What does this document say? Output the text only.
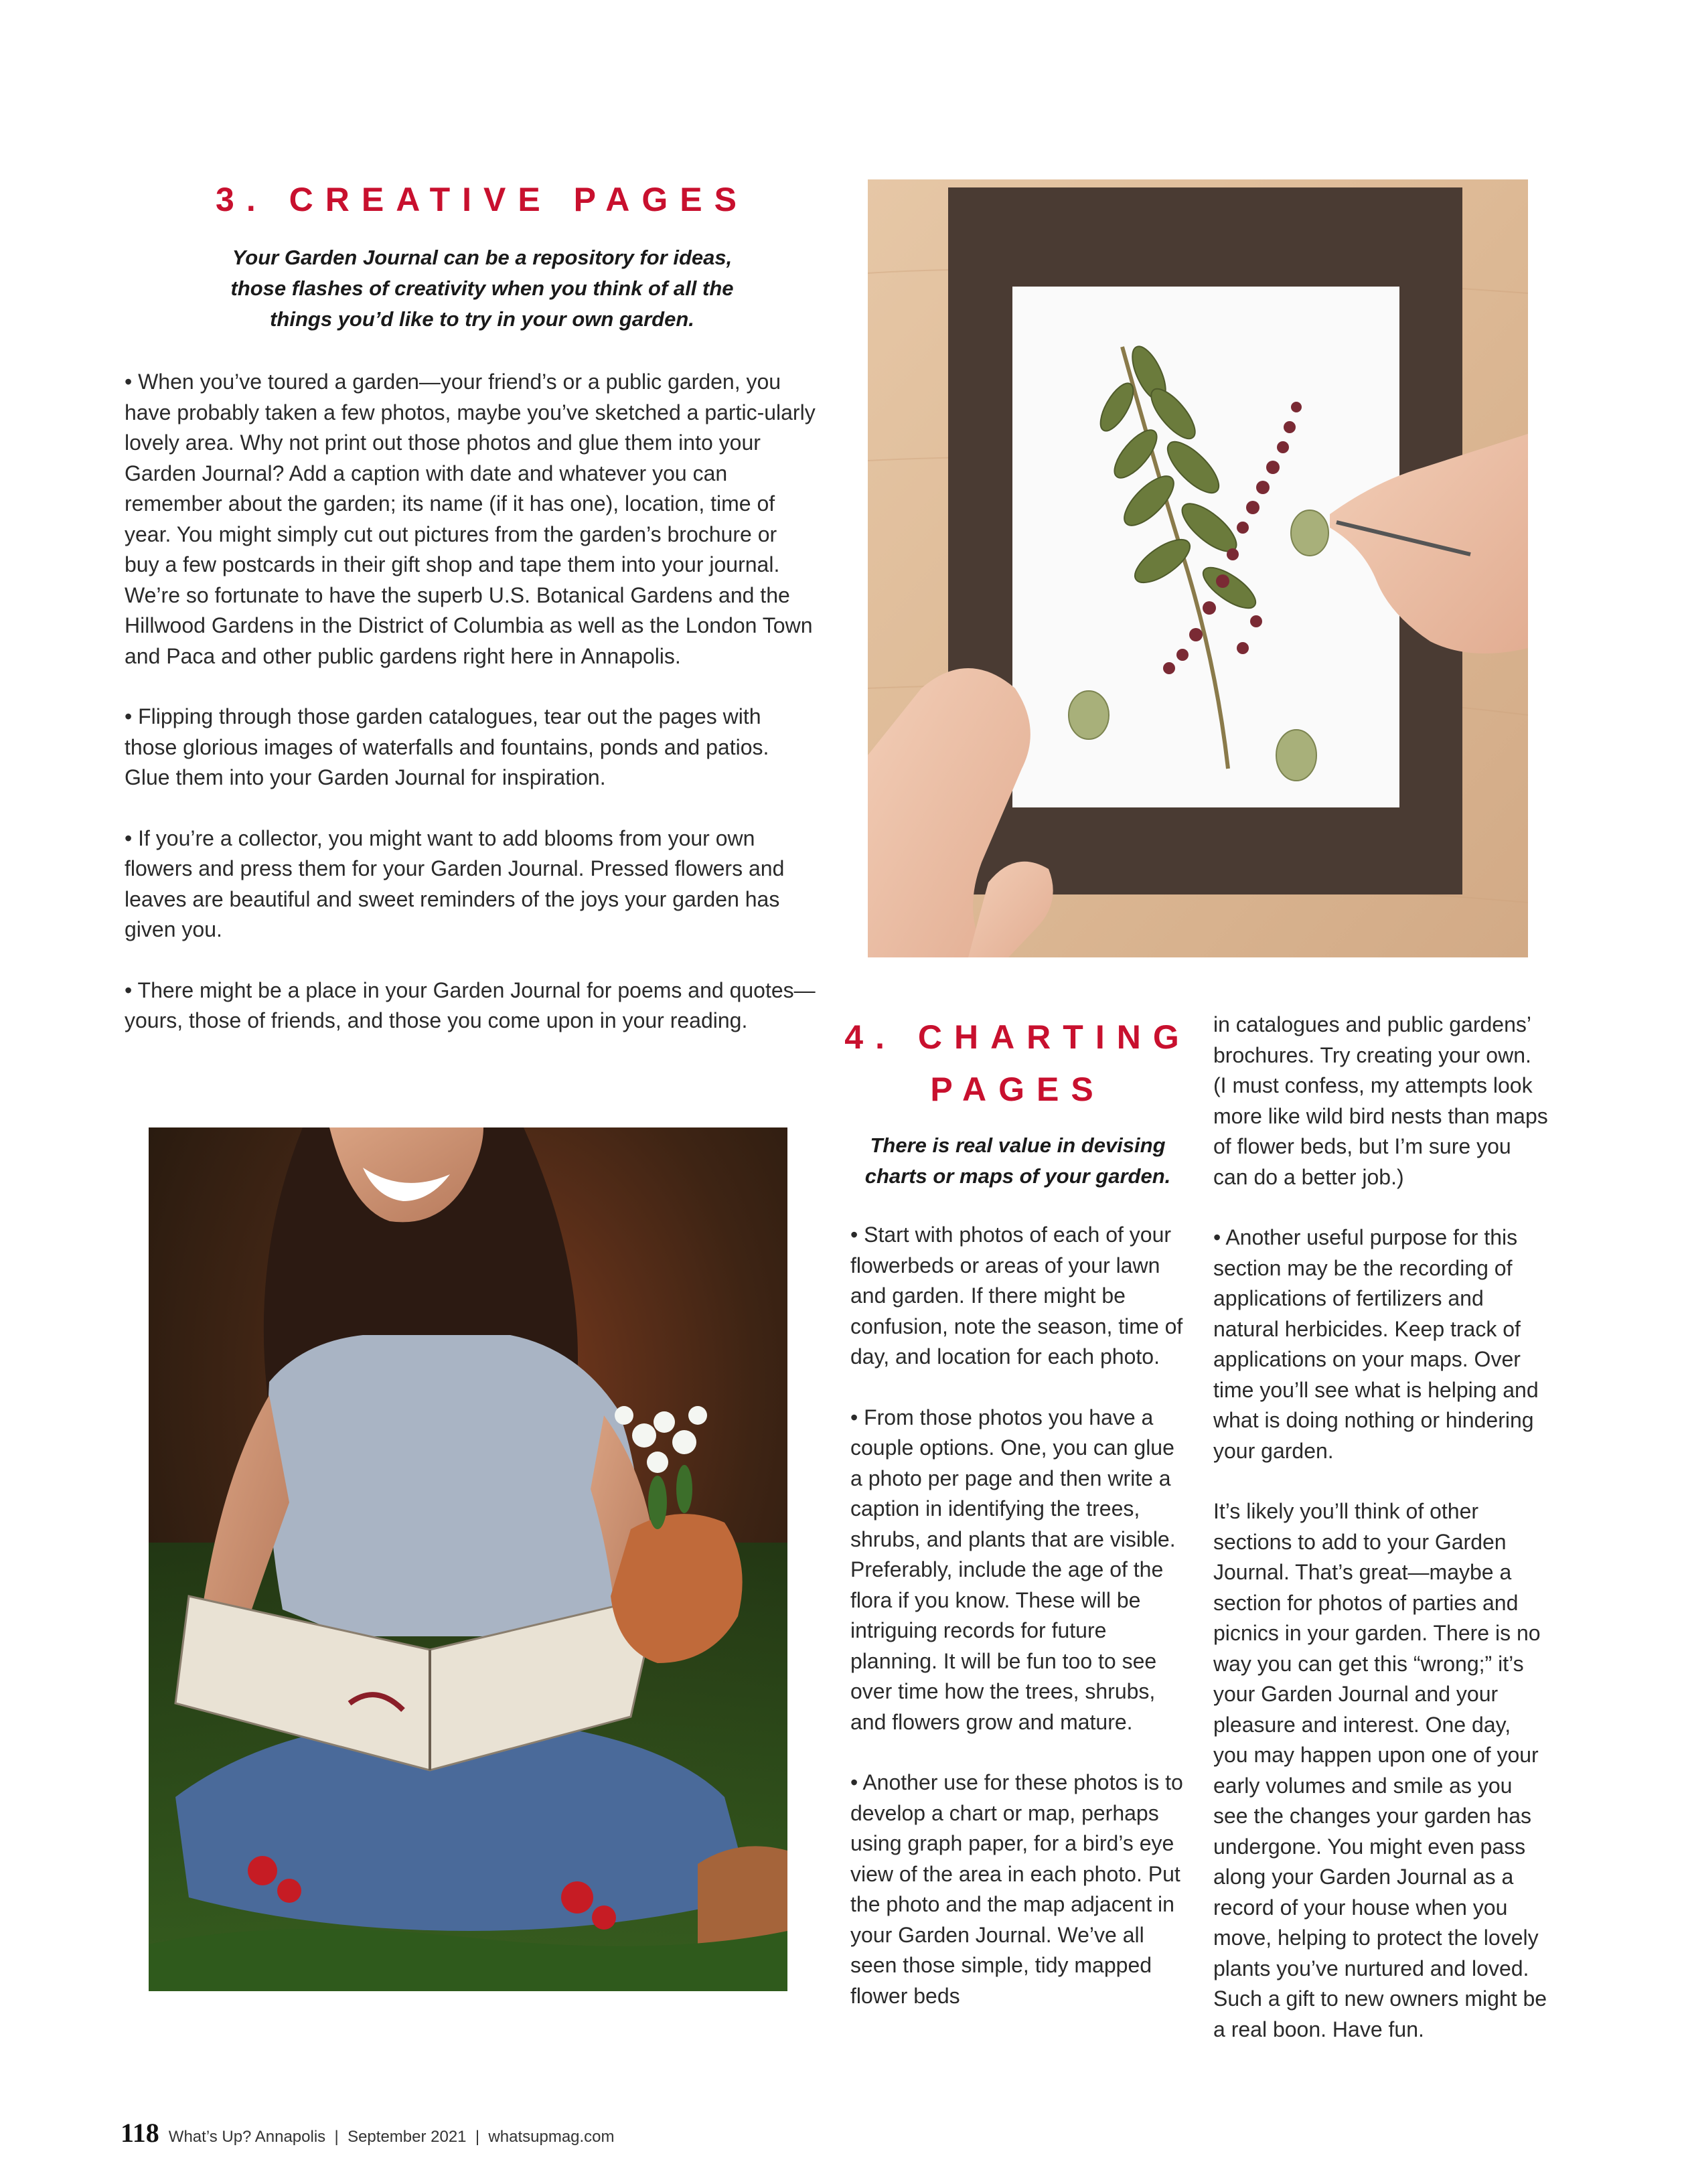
3. CREATIVE PAGES
Your Garden Journal can be a repository for ideas,
those flashes of creativity when you think of all the
things you’d like to try in your own garden.

• When you’ve toured a garden—your friend’s or a public garden, you have probably taken a few photos, maybe you’ve sketched a partic-ularly lovely area. Why not print out those photos and glue them into your Garden Journal? Add a caption with date and whatever you can remember about the garden; its name (if it has one), location, time of year. You might simply cut out pictures from the garden’s brochure or buy a few postcards in their gift shop and tape them into your journal. We’re so fortunate to have the superb U.S. Botanical Gardens and the Hillwood Gardens in the District of Columbia as well as the London Town and Paca and other public gardens right here in Annapolis.

• Flipping through those garden catalogues, tear out the pages with those glorious images of waterfalls and fountains, ponds and patios. Glue them into your Garden Journal for inspiration.

• If you’re a collector, you might want to add blooms from your own flowers and press them for your Garden Journal. Pressed flowers and leaves are beautiful and sweet reminders of the joys your garden has given you.

• There might be a place in your Garden Journal for poems and quotes—yours, those of friends, and those you come upon in your reading.	4. CHARTING
PAGES
There is real value in devising
charts or maps of your garden.

• Start with photos of each of your flowerbeds or areas of your lawn and garden. If there might be confusion, note the season, time of day, and location for each photo.

• From those photos you have a couple options. One, you can glue a photo per page and then write a caption in identifying the trees, shrubs, and plants that are visible. Preferably, include the age of the flora if you know. These will be intriguing records for future planning. It will be fun too to see over time how the trees, shrubs, and flowers grow and mature.

• Another use for these photos is to develop a chart or map, perhaps using graph paper, for a bird’s eye view of the area in each photo. Put the photo and the map adjacent in your Garden Journal. We’ve all seen those simple, tidy mapped flower beds

in catalogues and public gardens’ brochures. Try creating your own. (I must confess, my attempts look more like wild bird nests than maps of flower beds, but I’m sure you can do a better job.)

• Another useful purpose for this section may be the recording of applications of fertilizers and natural herbicides. Keep track of applications on your maps. Over time you’ll see what is helping and what is doing nothing or hindering your garden.

It’s likely you’ll think of other sections to add to your Garden Journal. That’s great—maybe a section for photos of parties and picnics in your garden. There is no way you can get this “wrong;” it’s your Garden Journal and your pleasure and interest. One day, you may happen upon one of your early volumes and smile as you see the changes your garden has undergone. You might even pass along your Garden Journal as a record of your house when you move, helping to protect the lovely plants you’ve nurtured and loved. Such a gift to new owners might be a real boon. Have fun.

118 What’s Up? Annapolis  |  September 2021  |  whatsupmag.com
